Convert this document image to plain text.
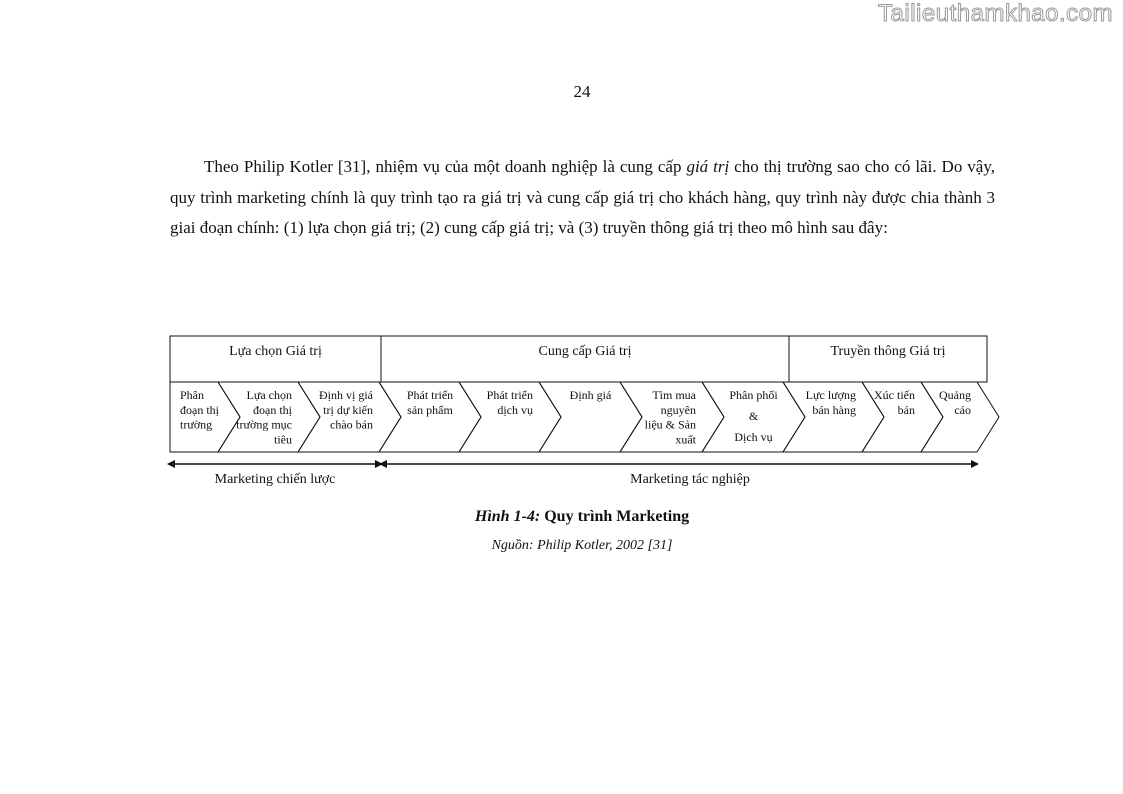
Tailieuthamkhao.com
24

Theo Philip Kotler [31], nhiệm vụ của một doanh nghiệp là cung cấp giá trị cho thị trường sao cho có lãi. Do vậy, quy trình marketing chính là quy trình tạo ra giá trị và cung cấp giá trị cho khách hàng, quy trình này được chia thành 3 giai đoạn chính: (1) lựa chọn giá trị; (2) cung cấp giá trị; và (3) truyền thông giá trị theo mô hình sau đây:

Lựa chọn Giá trị	Cung cấp Giá trị	Truyền thông Giá trị
Phân
đoạn thị
trường
Lựa chọn
đoạn thị
trường mục
tiêu
Định vị giá
trị dự kiến
chào bán
Phát triển
sản phẩm
Phát triển
dịch vụ
Định giá	Tìm mua
nguyên
liệu & Sản
xuất
Phân phối
&
Dịch vụ
Lực lượng
bán hàng
Xúc tiến
bán
Quảng
cáo
Marketing chiến lược	Marketing tác nghiệp
Hình 1-4: Quy trình Marketing
Nguồn: Philip Kotler, 2002 [31]
